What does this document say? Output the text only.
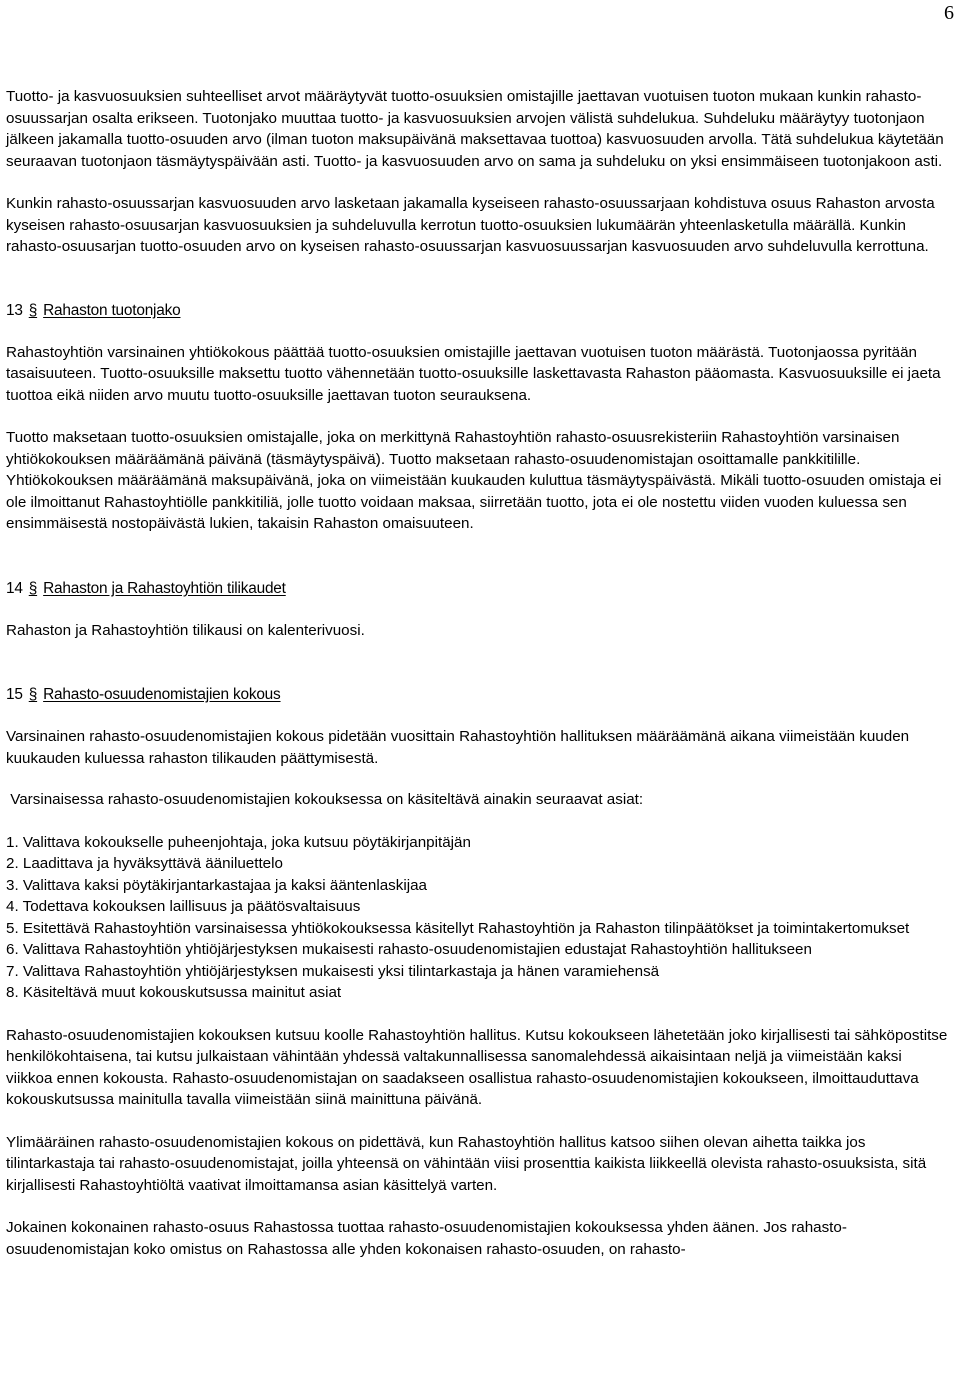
6

Tuotto- ja kasvuosuuksien suhteelliset arvot määräytyvät tuotto-osuuksien omistajille jaettavan vuotuisen tuoton mukaan kunkin rahasto-osuussarjan osalta erikseen. Tuotonjako muuttaa tuotto- ja kasvuosuuksien arvojen välistä suhdelukua. Suhdeluku määräytyy tuotonjaon jälkeen jakamalla tuotto-osuuden arvo (ilman tuoton maksupäivänä maksettavaa tuottoa) kasvuosuuden arvolla. Tätä suhdelukua käytetään seuraavan tuotonjaon täsmäytyspäivään asti. Tuotto- ja kasvuosuuden arvo on sama ja suhdeluku on yksi ensimmäiseen tuotonjakoon asti.

Kunkin rahasto-osuussarjan kasvuosuuden arvo lasketaan jakamalla kyseiseen rahasto-osuussarjaan kohdistuva osuus Rahaston arvosta kyseisen rahasto-osuusarjan kasvuosuuksien ja suhdeluvulla kerrotun tuotto-osuuksien lukumäärän yhteenlasketulla määrällä. Kunkin rahasto-osuusarjan tuotto-osuuden arvo on kyseisen rahasto-osuussarjan kasvuosuussarjan kasvuosuuden arvo suhdeluvulla kerrottuna.

13 § Rahaston tuotonjako

Rahastoyhtiön varsinainen yhtiökokous päättää tuotto-osuuksien omistajille jaettavan vuotuisen tuoton määrästä. Tuotonjaossa pyritään tasaisuuteen. Tuotto-osuuksille maksettu tuotto vähennetään tuotto-osuuksille laskettavasta Rahaston pääomasta. Kasvuosuuksille ei jaeta tuottoa eikä niiden arvo muutu tuotto-osuuksille jaettavan tuoton seurauksena.

Tuotto maksetaan tuotto-osuuksien omistajalle, joka on merkittynä Rahastoyhtiön rahasto-osuusrekisteriin Rahastoyhtiön varsinaisen yhtiökokouksen määräämänä päivänä (täsmäytyspäivä). Tuotto maksetaan rahasto-osuudenomistajan osoittamalle pankkitilille. Yhtiökokouksen määräämänä maksupäivänä, joka on viimeistään kuukauden kuluttua täsmäytyspäivästä. Mikäli tuotto-osuuden omistaja ei ole ilmoittanut Rahastoyhtiölle pankkitiliä, jolle tuotto voidaan maksaa, siirretään tuotto, jota ei ole nostettu viiden vuoden kuluessa sen ensimmäisestä nostopäivästä lukien, takaisin Rahaston omaisuuteen.

14 § Rahaston ja Rahastoyhtiön tilikaudet

Rahaston ja Rahastoyhtiön tilikausi on kalenterivuosi.

15 § Rahasto-osuudenomistajien kokous

Varsinainen rahasto-osuudenomistajien kokous pidetään vuosittain Rahastoyhtiön hallituksen määräämänä aikana viimeistään kuuden kuukauden kuluessa rahaston tilikauden päättymisestä.

Varsinaisessa rahasto-osuudenomistajien kokouksessa on käsiteltävä ainakin seuraavat asiat:

1. Valittava kokoukselle puheenjohtaja, joka kutsuu pöytäkirjanpitäjän
2. Laadittava ja hyväksyttävä ääniluettelo
3. Valittava kaksi pöytäkirjantarkastajaa ja kaksi ääntenlaskijaa
4. Todettava kokouksen laillisuus ja päätösvaltaisuus
5. Esitettävä Rahastoyhtiön varsinaisessa yhtiökokouksessa käsitellyt Rahastoyhtiön ja Rahaston tilinpäätökset ja toimintakertomukset
6. Valittava Rahastoyhtiön yhtiöjärjestyksen mukaisesti rahasto-osuudenomistajien edustajat Rahastoyhtiön hallitukseen
7. Valittava Rahastoyhtiön yhtiöjärjestyksen mukaisesti yksi tilintarkastaja ja hänen varamiehensä
8. Käsiteltävä muut kokouskutsussa mainitut asiat

Rahasto-osuudenomistajien kokouksen kutsuu koolle Rahastoyhtiön hallitus. Kutsu kokoukseen lähetetään joko kirjallisesti tai sähköpostitse henkilökohtaisena, tai kutsu julkaistaan vähintään yhdessä valtakunnallisessa sanomalehdessä aikaisintaan neljä ja viimeistään kaksi viikkoa ennen kokousta. Rahasto-osuudenomistajan on saadakseen osallistua rahasto-osuudenomistajien kokoukseen, ilmoittauduttava kokouskutsussa mainitulla tavalla viimeistään siinä mainittuna päivänä.

Ylimääräinen rahasto-osuudenomistajien kokous on pidettävä, kun Rahastoyhtiön hallitus katsoo siihen olevan aihetta taikka jos tilintarkastaja tai rahasto-osuudenomistajat, joilla yhteensä on vähintään viisi prosenttia kaikista liikkeellä olevista rahasto-osuuksista, sitä kirjallisesti Rahastoyhtiöltä vaativat ilmoittamansa asian käsittelyä varten.

Jokainen kokonainen rahasto-osuus Rahastossa tuottaa rahasto-osuudenomistajien kokouksessa yhden äänen. Jos rahasto-osuudenomistajan koko omistus on Rahastossa alle yhden kokonaisen rahasto-osuuden, on rahasto-
